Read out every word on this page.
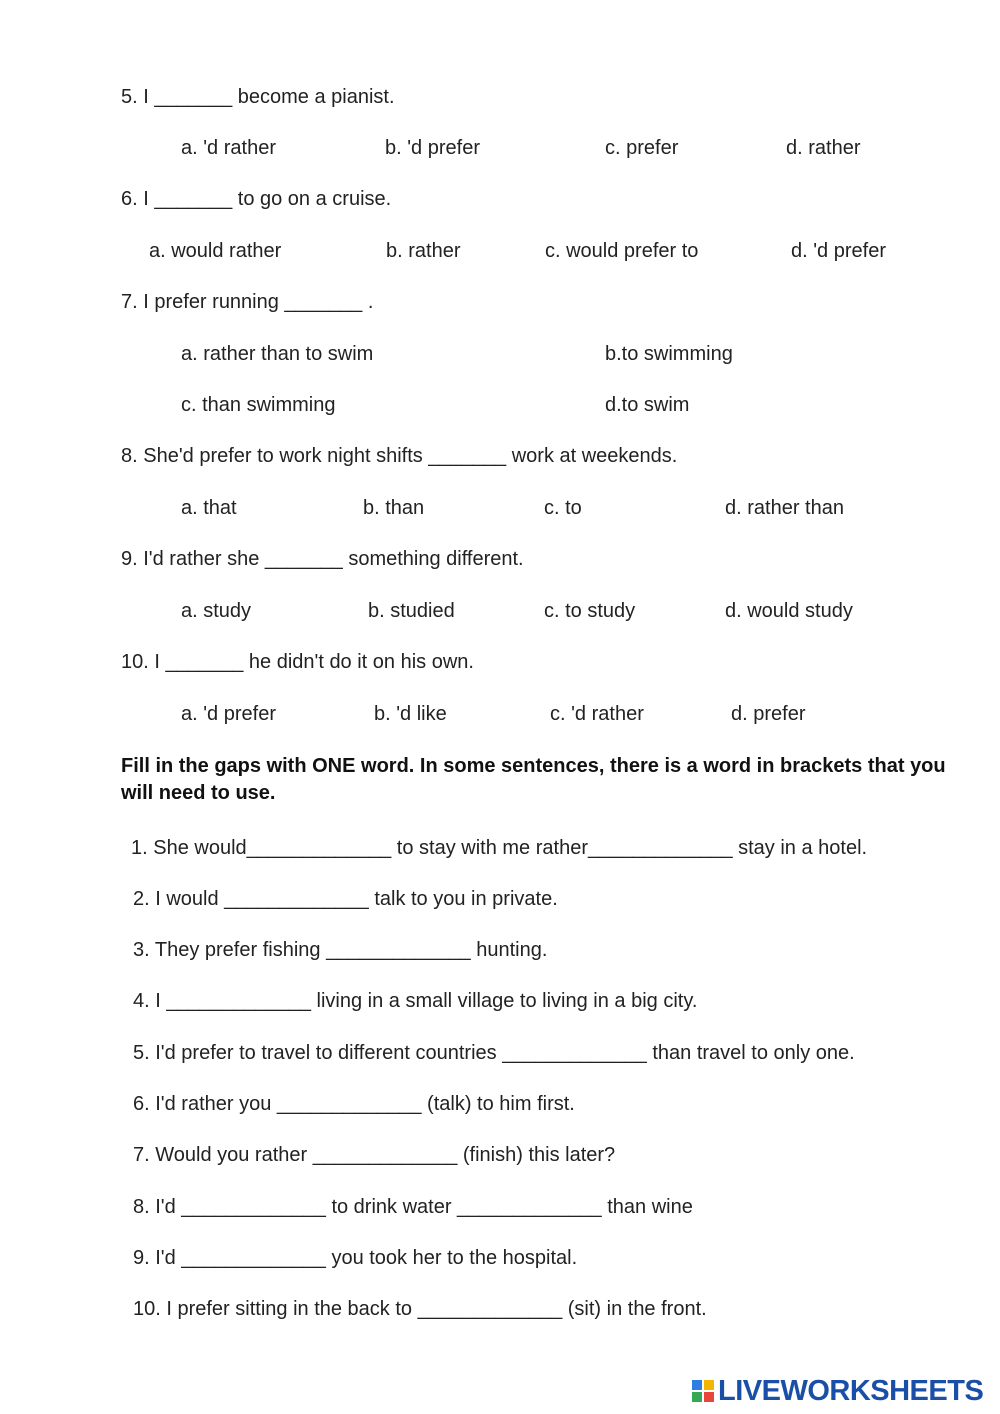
5. I _______ become a pianist.
a. 'd rather	b. 'd prefer	c. prefer	d. rather
6. I _______ to go on a cruise.
a. would rather	b. rather	c. would prefer to	d. 'd prefer
7. I prefer running _______ .
a. rather than to swim	b.to swimming
c. than swimming	d.to swim
8. She'd prefer to work night shifts _______ work at weekends.
a. that	b. than	c. to	d. rather than
9. I'd rather she _______ something different.
a. study	b. studied	c. to study	d. would study
10. I _______ he didn't do it on his own.
a. 'd prefer	b. 'd like	c. 'd rather	d. prefer
Fill in the gaps with ONE word. In some sentences, there is a word in brackets that you will need to use.
1. She would_____________ to stay with me rather_____________ stay in a hotel.
2. I would _____________ talk to you in private.
3. They prefer fishing _____________ hunting.
4. I _____________ living in a small village to living in a big city.
5. I'd prefer to travel to different countries _____________ than travel to only one.
6. I'd rather you _____________ (talk) to him first.
7. Would you rather _____________ (finish) this later?
8. I'd _____________ to drink water _____________ than wine
9. I'd _____________ you took her to the hospital.
10. I prefer sitting in the back to _____________ (sit) in the front.
LIVEWORKSHEETS
